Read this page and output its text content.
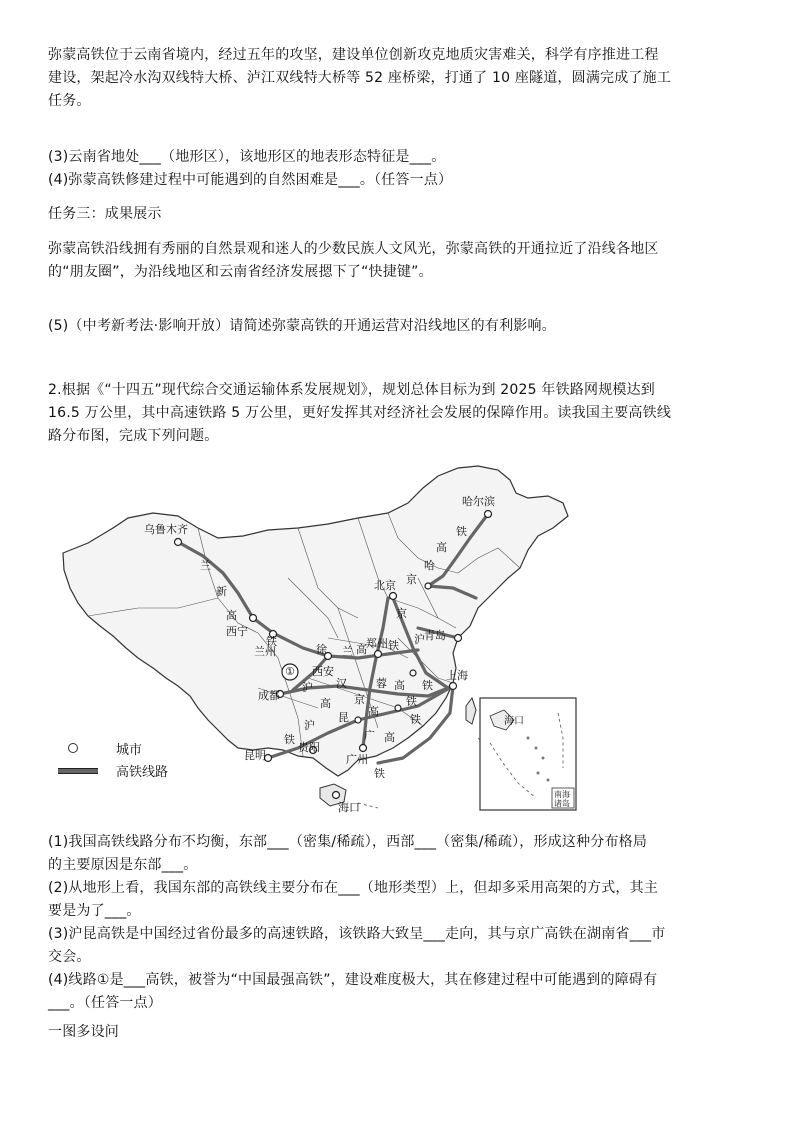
弥蒙高铁位于云南省境内，经过五年的攻坚，建设单位创新攻克地质灾害难关，科学有序推进工程
建设，架起冷水沟双线特大桥、泸江双线特大桥等 52 座桥梁，打通了 10 座隧道，圆满完成了施工
任务。
(3)云南省地处___（地形区），该地形区的地表形态特征是___。
(4)弥蒙高铁修建过程中可能遇到的自然困难是___。（任答一点）
任务三：成果展示
弥蒙高铁沿线拥有秀丽的自然景观和迷人的少数民族人文风光，弥蒙高铁的开通拉近了沿线各地区
的“朋友圈”，为沿线地区和云南省经济发展摁下了“快捷键”。
(5)（中考新考法·影响开放）请简述弥蒙高铁的开通运营对沿线地区的有利影响。
2.根据《“十四五”现代综合交通运输体系发展规划》，规划总体目标为到 2025 年铁路网规模达到
16.5 万公里，其中高速铁路 5 万公里，更好发挥其对经济社会发展的保障作用。读我国主要高铁线
路分布图，完成下列问题。
乌鲁木齐
哈尔滨
北京
西宁
兰州
西安
郑州
青岛
上海
成都
昆明
贵阳
广州
海口
兰
新
高
铁
铁
高
哈
京
京
沪
徐 兰 高 铁
铁
沪 汉	蓉 高
铁
昆 高
铁
沪
高
铁
京
广 高
铁
①
海口
南海诸岛
城市
高铁线路
(1)我国高铁线路分布不均衡，东部___（密集/稀疏），西部___（密集/稀疏），形成这种分布格局
的主要原因是东部___。
(2)从地形上看，我国东部的高铁线主要分布在___（地形类型）上，但却多采用高架的方式，其主
要是为了___。
(3)沪昆高铁是中国经过省份最多的高速铁路，该铁路大致呈___走向，其与京广高铁在湖南省___市
交会。
(4)线路①是___高铁，被誉为“中国最强高铁”，建设难度极大，其在修建过程中可能遇到的障碍有
___。（任答一点）
一图多设问
